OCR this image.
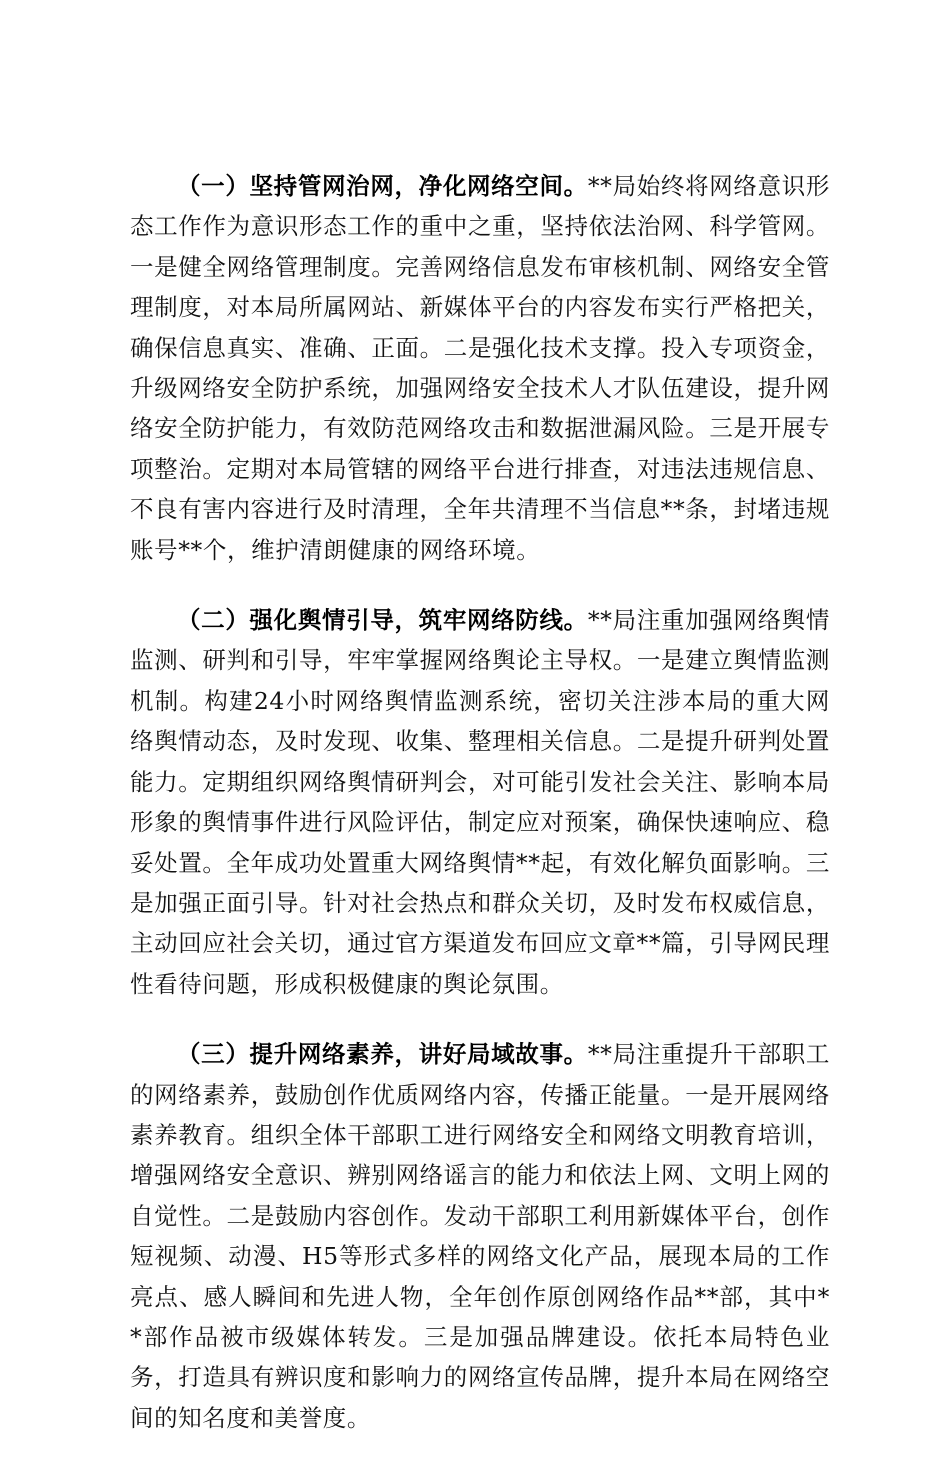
（一）坚持管网治网，净化网络空间。**局始终将网络意识形态工作作为意识形态工作的重中之重，坚持依法治网、科学管网。一是健全网络管理制度。完善网络信息发布审核机制、网络安全管理制度，对本局所属网站、新媒体平台的内容发布实行严格把关，确保信息真实、准确、正面。二是强化技术支撑。投入专项资金，升级网络安全防护系统，加强网络安全技术人才队伍建设，提升网络安全防护能力，有效防范网络攻击和数据泄漏风险。三是开展专项整治。定期对本局管辖的网络平台进行排查，对违法违规信息、不良有害内容进行及时清理，全年共清理不当信息**条，封堵违规账号**个，维护清朗健康的网络环境。

（二）强化舆情引导，筑牢网络防线。**局注重加强网络舆情监测、研判和引导，牢牢掌握网络舆论主导权。一是建立舆情监测机制。构建24小时网络舆情监测系统，密切关注涉本局的重大网络舆情动态，及时发现、收集、整理相关信息。二是提升研判处置能力。定期组织网络舆情研判会，对可能引发社会关注、影响本局形象的舆情事件进行风险评估，制定应对预案，确保快速响应、稳妥处置。全年成功处置重大网络舆情**起，有效化解负面影响。三是加强正面引导。针对社会热点和群众关切，及时发布权威信息，主动回应社会关切，通过官方渠道发布回应文章**篇，引导网民理性看待问题，形成积极健康的舆论氛围。

（三）提升网络素养，讲好局域故事。**局注重提升干部职工的网络素养，鼓励创作优质网络内容，传播正能量。一是开展网络素养教育。组织全体干部职工进行网络安全和网络文明教育培训，增强网络安全意识、辨别网络谣言的能力和依法上网、文明上网的自觉性。二是鼓励内容创作。发动干部职工利用新媒体平台，创作短视频、动漫、H5等形式多样的网络文化产品，展现本局的工作亮点、感人瞬间和先进人物，全年创作原创网络作品**部，其中**部作品被市级媒体转发。三是加强品牌建设。依托本局特色业务，打造具有辨识度和影响力的网络宣传品牌，提升本局在网络空间的知名度和美誉度。
